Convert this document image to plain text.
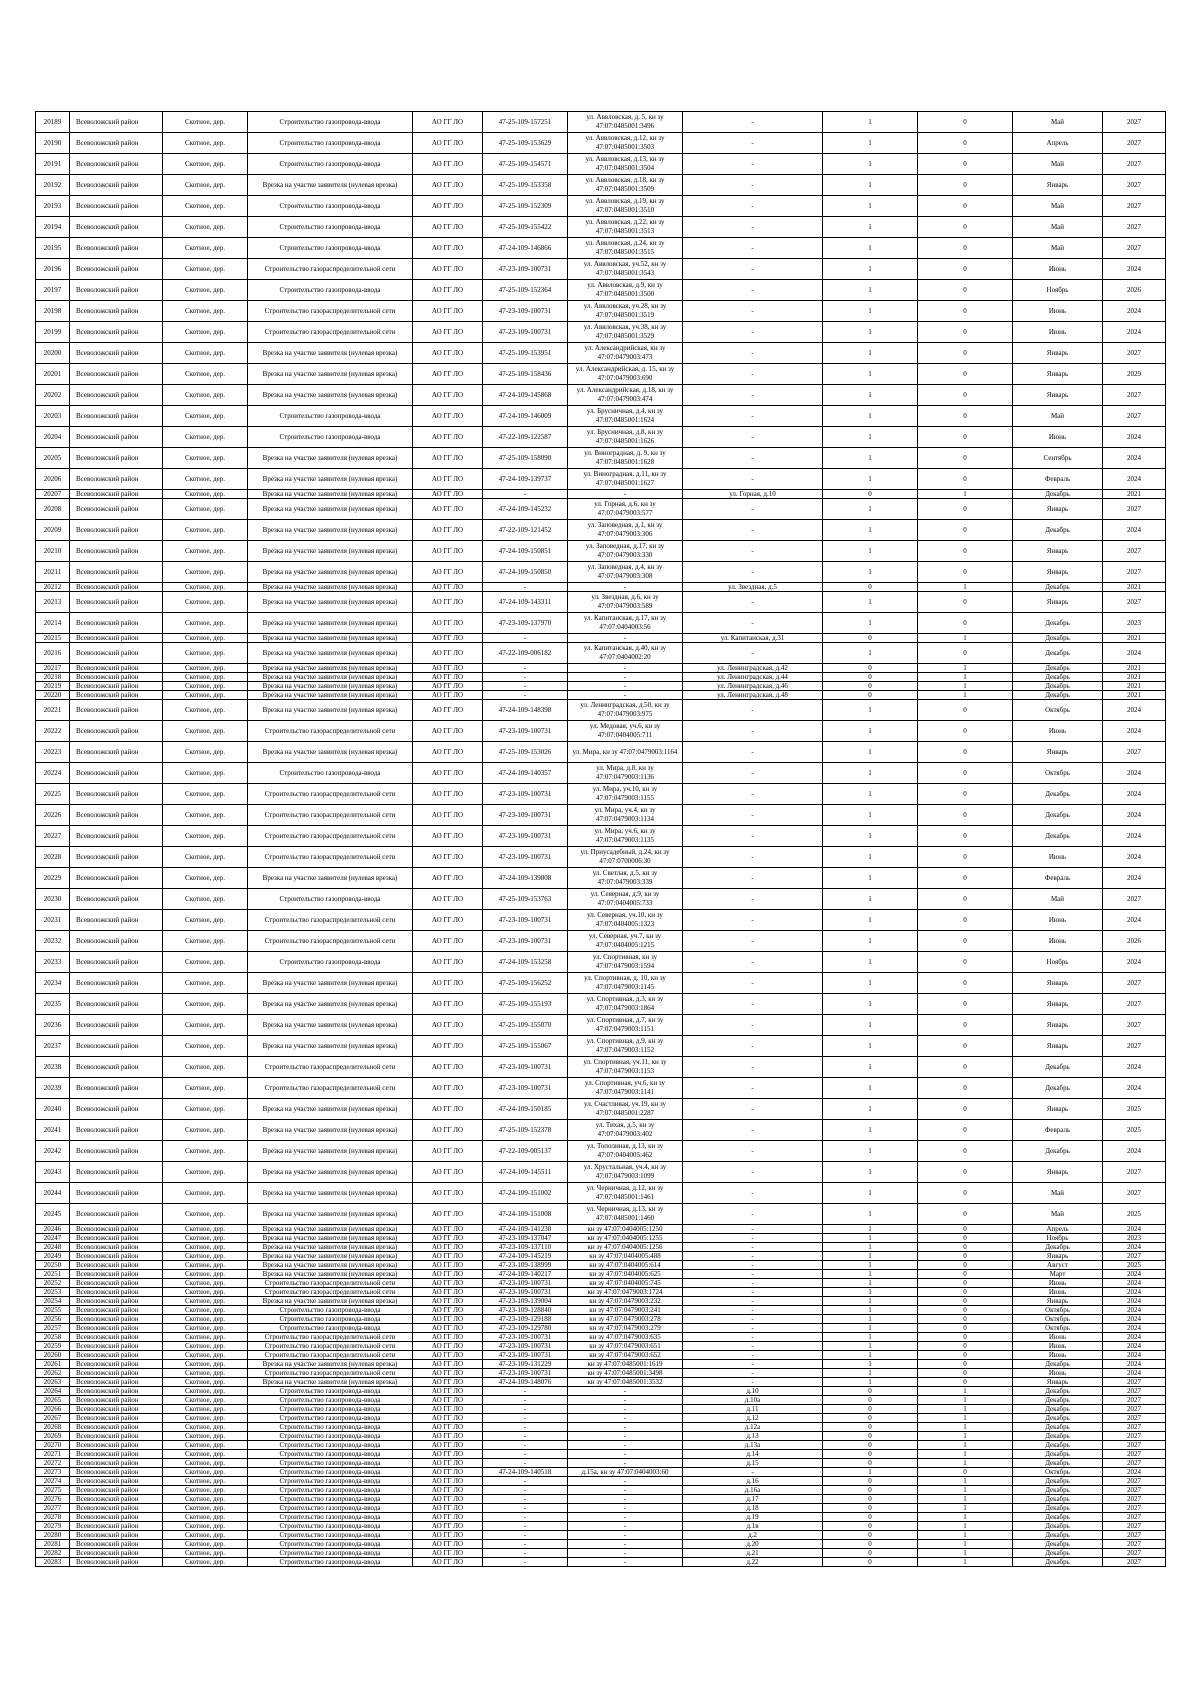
20189	Всеволожский район	Скотное, дер.	Строительство газопровода-ввода	АО ГГ ЛО	47-25-109-157251	ул. Аввловская, д. 5, кн зу 47:07:0485001:3496	-	1	0	Май	2027
20190	Всеволожский район	Скотное, дер.	Строительство газопровода-ввода	АО ГГ ЛО	47-25-109-153629	ул. Аввловская, д.12, кн зу 47:07:0485001:3503	-	1	0	Апрель	2027
20191	Всеволожский район	Скотное, дер.	Строительство газопровода-ввода	АО ГГ ЛО	47-25-109-154571	ул. Аввловская, д.13, кн зу 47:07:0485001:3504	-	1	0	Май	2027
20192	Всеволожский район	Скотное, дер.	Врезка на участке заявителя (нулевая врезка)	АО ГГ ЛО	47-25-109-153358	ул. Аввловская, д.18, кн зу 47:07:0485001:3509	-	1	0	Январь	2027
20193	Всеволожский район	Скотное, дер.	Строительство газопровода-ввода	АО ГГ ЛО	47-25-109-152309	ул. Аввловская, д.19, кн зу 47:07:0485001:3510	-	1	0	Май	2027
20194	Всеволожский район	Скотное, дер.	Строительство газопровода-ввода	АО ГГ ЛО	47-25-109-155422	ул. Аввловская, д.22, кн зу 47:07:0485001:3513	-	1	0	Май	2027
20195	Всеволожский район	Скотное, дер.	Строительство газопровода-ввода	АО ГГ ЛО	47-24-109-146866	ул. Аввловская, д.24, кн зу 47:07:0485001:3515	-	1	0	Май	2027
20196	Всеволожский район	Скотное, дер.	Строительство газораспределительной сети	АО ГГ ЛО	47-23-109-100731	ул. Аввловская, уч.52, кн зу 47:07:0485001:3543	-	1	0	Июнь	2024
20197	Всеволожский район	Скотное, дер.	Строительство газопровода-ввода	АО ГГ ЛО	47-25-109-152364	ул. Аввловская, д.9, кн зу 47:07:0485001:3500	-	1	0	Ноябрь	2026
20198	Всеволожский район	Скотное, дер.	Строительство газораспределительной сети	АО ГГ ЛО	47-23-109-100731	ул. Аввловская, уч.28, кн зу 47:07:0485001:3519	-	1	0	Июнь	2024
20199	Всеволожский район	Скотное, дер.	Строительство газораспределительной сети	АО ГГ ЛО	47-23-109-100731	ул. Аввловская, уч.38, кн зу 47:07:0485001:3529	-	1	0	Июнь	2024
20200	Всеволожский район	Скотное, дер.	Врезка на участке заявителя (нулевая врезка)	АО ГГ ЛО	47-25-109-153951	ул. Александрийская, кн зу 47:07:0479003:473	-	1	0	Январь	2027
20201	Всеволожский район	Скотное, дер.	Врезка на участке заявителя (нулевая врезка)	АО ГГ ЛО	47-25-109-158436	ул. Александрийская, д. 15, кн зу 47:07:0479003:690	-	1	0	Январь	2029
20202	Всеволожский район	Скотное, дер.	Врезка на участке заявителя (нулевая врезка)	АО ГГ ЛО	47-24-109-145868	ул. Александрийская, д.18, кн зу 47:07:0479003:474	-	1	0	Январь	2027
20203	Всеволожский район	Скотное, дер.	Строительство газопровода-ввода	АО ГГ ЛО	47-24-109-146009	ул. Брусничная, д.4, кн зу 47:07:0485001:1624	-	1	0	Май	2027
20204	Всеволожский район	Скотное, дер.	Строительство газопровода-ввода	АО ГГ ЛО	47-22-109-122587	ул. Брусничная, д.8, кн зу 47:07:0485001:1626	-	1	0	Июнь	2024
20205	Всеволожский район	Скотное, дер.	Врезка на участке заявителя (нулевая врезка)	АО ГГ ЛО	47-25-109-158090	ул. Виноградная, д. 9, кн зу 47:07:0485001:1628	-	1	0	Сентябрь	2024
20206	Всеволожский район	Скотное, дер.	Врезка на участке заявителя (нулевая врезка)	АО ГГ ЛО	47-24-109-139737	ул. Виноградная, д.11, кн зу 47:07:0485001:1627	-	1	0	Февраль	2024
20207	Всеволожский район	Скотное, дер.	Врезка на участке заявителя (нулевая врезка)	АО ГГ ЛО	-	-	ул. Горная, д.10	0	1	Декабрь	2021
20208	Всеволожский район	Скотное, дер.	Врезка на участке заявителя (нулевая врезка)	АО ГГ ЛО	47-24-109-145232	ул. Горная, д.6, кн зу 47:07:0479003:577	-	1	0	Январь	2027
20209	Всеволожский район	Скотное, дер.	Врезка на участке заявителя (нулевая врезка)	АО ГГ ЛО	47-22-109-121452	ул. Заповедная, д.1, кн зу 47:07:0479003:306	-	1	0	Декабрь	2024
20210	Всеволожский район	Скотное, дер.	Врезка на участке заявителя (нулевая врезка)	АО ГГ ЛО	47-24-109-150851	ул. Заповедная, д.17, кн зу 47:07:0479003:330	-	1	0	Январь	2027
20211	Всеволожский район	Скотное, дер.	Врезка на участке заявителя (нулевая врезка)	АО ГГ ЛО	47-24-109-150850	ул. Заповедная, д.4, кн зу 47:07:0479003:308	-	1	0	Январь	2027
20212	Всеволожский район	Скотное, дер.	Врезка на участке заявителя (нулевая врезка)	АО ГГ ЛО	-	-	ул. Звездная, д.5	0	1	Декабрь	2021
20213	Всеволожский район	Скотное, дер.	Врезка на участке заявителя (нулевая врезка)	АО ГГ ЛО	47-24-109-143311	ул. Звездная, д.6, кн зу 47:07:0479003:589	-	1	0	Январь	2027
20214	Всеволожский район	Скотное, дер.	Врезка на участке заявителя (нулевая врезка)	АО ГГ ЛО	47-23-109-137970	ул. Капитанская, д.17, кн зу 47:07:0404003:56	-	1	0	Декабрь	2023
20215	Всеволожский район	Скотное, дер.	Врезка на участке заявителя (нулевая врезка)	АО ГГ ЛО	-	-	ул. Капитанская, д.31	0	1	Декабрь	2021
20216	Всеволожский район	Скотное, дер.	Врезка на участке заявителя (нулевая врезка)	АО ГГ ЛО	47-22-109-006182	ул. Капитанская, д.40, кн зу 47:07:0404002:20	-	1	0	Декабрь	2024
20217	Всеволожский район	Скотное, дер.	Врезка на участке заявителя (нулевая врезка)	АО ГГ ЛО	-	-	ул. Ленинградская, д.42	0	1	Декабрь	2021
20218	Всеволожский район	Скотное, дер.	Врезка на участке заявителя (нулевая врезка)	АО ГГ ЛО	-	-	ул. Ленинградская, д.44	0	1	Декабрь	2021
20219	Всеволожский район	Скотное, дер.	Врезка на участке заявителя (нулевая врезка)	АО ГГ ЛО	-	-	ул. Ленинградская, д.46	0	1	Декабрь	2021
20220	Всеволожский район	Скотное, дер.	Врезка на участке заявителя (нулевая врезка)	АО ГГ ЛО	-	-	ул. Ленинградская, д.48	0	1	Декабрь	2021
20221	Всеволожский район	Скотное, дер.	Врезка на участке заявителя (нулевая врезка)	АО ГГ ЛО	47-24-109-148398	ул. Ленинградская, д.50, кн зу 47:07:0479003:975	-	1	0	Октябрь	2024
20222	Всеволожский район	Скотное, дер.	Строительство газораспределительной сети	АО ГГ ЛО	47-23-109-100731	ул. Медовая, уч.6, кн зу 47:07:0404005:711	-	1	0	Июнь	2024
20223	Всеволожский район	Скотное, дер.	Врезка на участке заявителя (нулевая врезка)	АО ГГ ЛО	47-25-109-153026	ул. Мира, кн зу 47:07:0479003:1164	-	1	0	Январь	2027
20224	Всеволожский район	Скотное, дер.	Строительство газопровода-ввода	АО ГГ ЛО	47-24-109-140357	ул. Мира, д.8, кн зу 47:07:0479003:1136	-	1	0	Октябрь	2024
20225	Всеволожский район	Скотное, дер.	Строительство газораспределительной сети	АО ГГ ЛО	47-23-109-100731	ул. Мира, уч.10, кн зу 47:07:0479003:1155	-	1	0	Декабрь	2024
20226	Всеволожский район	Скотное, дер.	Строительство газораспределительной сети	АО ГГ ЛО	47-23-109-100731	ул. Мира, уч.4, кн зу 47:07:0479003:1134	-	1	0	Декабрь	2024
20227	Всеволожский район	Скотное, дер.	Строительство газораспределительной сети	АО ГГ ЛО	47-23-109-100731	ул. Мира, уч.6, кн зу 47:07:0479003:1135	-	1	0	Декабрь	2024
20228	Всеволожский район	Скотное, дер.	Строительство газораспределительной сети	АО ГГ ЛО	47-23-109-100731	ул. Приусадебный, д.24, кн зу 47:07:0700006:30	-	1	0	Июнь	2024
20229	Всеволожский район	Скотное, дер.	Врезка на участке заявителя (нулевая врезка)	АО ГГ ЛО	47-24-109-139808	ул. Светлая, д.5, кн зу 47:07:0479003:339	-	1	0	Февраль	2024
20230	Всеволожский район	Скотное, дер.	Строительство газопровода-ввода	АО ГГ ЛО	47-25-109-153763	ул. Северная, д.9, кн зу 47:07:0404005:733	-	1	0	Май	2027
20231	Всеволожский район	Скотное, дер.	Строительство газораспределительной сети	АО ГГ ЛО	47-23-109-100731	ул. Северная, уч.10, кн зу 47:07:0404005:1323	-	1	0	Июнь	2024
20232	Всеволожский район	Скотное, дер.	Строительство газораспределительной сети	АО ГГ ЛО	47-23-109-100731	ул. Северная, уч.7, кн зу 47:07:0404005:1215	-	1	0	Июнь	2026
20233	Всеволожский район	Скотное, дер.	Строительство газопровода-ввода	АО ГГ ЛО	47-24-109-153258	ул. Спортивная, кн зу 47:07:0479003:1594	-	1	0	Ноябрь	2024
20234	Всеволожский район	Скотное, дер.	Врезка на участке заявителя (нулевая врезка)	АО ГГ ЛО	47-25-109-156252	ул. Спортивная, д. 10, кн зу 47:07:0479003:1145	-	1	0	Январь	2027
20235	Всеволожский район	Скотное, дер.	Врезка на участке заявителя (нулевая врезка)	АО ГГ ЛО	47-25-109-155193	ул. Спортивная, д.3, кн зу 47:07:0479003:1864	-	1	0	Январь	2027
20236	Всеволожский район	Скотное, дер.	Врезка на участке заявителя (нулевая врезка)	АО ГГ ЛО	47-25-109-155070	ул. Спортивная, д.7, кн зу 47:07:0479003:1151	-	1	0	Январь	2027
20237	Всеволожский район	Скотное, дер.	Врезка на участке заявителя (нулевая врезка)	АО ГГ ЛО	47-25-109-155067	ул. Спортивная, д.9, кн зу 47:07:0479003:1152	-	1	0	Январь	2027
20238	Всеволожский район	Скотное, дер.	Строительство газораспределительной сети	АО ГГ ЛО	47-23-109-100731	ул. Спортивная, уч.11, кн зу 47:07:0479003:1153	-	1	0	Декабрь	2024
20239	Всеволожский район	Скотное, дер.	Строительство газораспределительной сети	АО ГГ ЛО	47-23-109-100731	ул. Спортивная, уч.6, кн зу 47:07:0479003:1141	-	1	0	Декабрь	2024
20240	Всеволожский район	Скотное, дер.	Врезка на участке заявителя (нулевая врезка)	АО ГГ ЛО	47-24-109-150185	ул. Счастливая, уч.19, кн зу 47:07:0485001:2287	-	1	0	Январь	2025
20241	Всеволожский район	Скотное, дер.	Врезка на участке заявителя (нулевая врезка)	АО ГГ ЛО	47-25-109-152378	ул. Тихая, д.5, кн зу 47:07:0479003:402	-	1	0	Февраль	2025
20242	Всеволожский район	Скотное, дер.	Врезка на участке заявителя (нулевая врезка)	АО ГГ ЛО	47-22-109-005137	ул. Тополиная, д.13, кн зу 47:07:0404005:462	-	1	0	Декабрь	2024
20243	Всеволожский район	Скотное, дер.	Врезка на участке заявителя (нулевая врезка)	АО ГГ ЛО	47-24-109-145511	ул. Хрустальная, уч.4, кн зу 47:07:0479003:1099	-	1	0	Январь	2027
20244	Всеволожский район	Скотное, дер.	Врезка на участке заявителя (нулевая врезка)	АО ГГ ЛО	47-24-109-151002	ул. Черничная, д.12, кн зу 47:07:0485001:1461	-	1	0	Май	2027
20245	Всеволожский район	Скотное, дер.	Врезка на участке заявителя (нулевая врезка)	АО ГГ ЛО	47-24-109-151008	ул. Черничная, д.13, кн зу 47:07:0485001:1460	-	1	0	Май	2025
20246	Всеволожский район	Скотное, дер.	Врезка на участке заявителя (нулевая врезка)	АО ГГ ЛО	47-24-109-141238	кн зу 47:07:0404005:1250	-	1	0	Апрель	2024
20247	Всеволожский район	Скотное, дер.	Врезка на участке заявителя (нулевая врезка)	АО ГГ ЛО	47-23-109-137047	кн зу 47:07:0404005:1255	-	1	0	Ноябрь	2023
20248	Всеволожский район	Скотное, дер.	Врезка на участке заявителя (нулевая врезка)	АО ГГ ЛО	47-23-109-137110	кн зу 47:07:0404005:1256	-	1	0	Декабрь	2024
20249	Всеволожский район	Скотное, дер.	Врезка на участке заявителя (нулевая врезка)	АО ГГ ЛО	47-24-109-145219	кн зу 47:07:0404005:488	-	1	0	Январь	2027
20250	Всеволожский район	Скотное, дер.	Врезка на участке заявителя (нулевая врезка)	АО ГГ ЛО	47-23-109-138999	кн зу 47:07:0404005:614	-	1	0	Август	2025
20251	Всеволожский район	Скотное, дер.	Врезка на участке заявителя (нулевая врезка)	АО ГГ ЛО	47-24-109-140217	кн зу 47:07:0404005:625	-	1	0	Март	2024
20252	Всеволожский район	Скотное, дер.	Строительство газораспределительной сети	АО ГГ ЛО	47-23-109-100731	кн зу 47:07:0404005:745	-	1	0	Июнь	2024
20253	Всеволожский район	Скотное, дер.	Строительство газораспределительной сети	АО ГГ ЛО	47-23-109-100731	кн зу 47:07:0479003:1724	-	1	0	Июнь	2024
20254	Всеволожский район	Скотное, дер.	Врезка на участке заявителя (нулевая врезка)	АО ГГ ЛО	47-23-109-139004	кн зу 47:07:0479003:232	-	1	0	Январь	2024
20255	Всеволожский район	Скотное, дер.	Строительство газопровода-ввода	АО ГГ ЛО	47-23-109-128840	кн зу 47:07:0479003:241	-	1	0	Октябрь	2024
20256	Всеволожский район	Скотное, дер.	Строительство газопровода-ввода	АО ГГ ЛО	47-23-109-129188	кн зу 47:07:0479003:278	-	1	0	Октябрь	2024
20257	Всеволожский район	Скотное, дер.	Строительство газопровода-ввода	АО ГГ ЛО	47-23-109-129780	кн зу 47:07:0479003:279	-	1	0	Октябрь	2024
20258	Всеволожский район	Скотное, дер.	Строительство газораспределительной сети	АО ГГ ЛО	47-23-109-100731	кн зу 47:07:0479003:635	-	1	0	Июнь	2024
20259	Всеволожский район	Скотное, дер.	Строительство газораспределительной сети	АО ГГ ЛО	47-23-109-100731	кн зу 47:07:0479003:651	-	1	0	Июнь	2024
20260	Всеволожский район	Скотное, дер.	Строительство газораспределительной сети	АО ГГ ЛО	47-23-109-100731	кн зу 47:07:0479003:652	-	1	0	Июнь	2024
20261	Всеволожский район	Скотное, дер.	Врезка на участке заявителя (нулевая врезка)	АО ГГ ЛО	47-23-109-131229	кн зу 47:07:0485001:1619	-	1	0	Декабрь	2024
20262	Всеволожский район	Скотное, дер.	Строительство газораспределительной сети	АО ГГ ЛО	47-23-109-100731	кн зу 47:07:0485001:3498	-	1	0	Июнь	2024
20263	Всеволожский район	Скотное, дер.	Врезка на участке заявителя (нулевая врезка)	АО ГГ ЛО	47-24-109-148076	кн зу 47:07:0485001:3532	-	1	0	Январь	2027
20264	Всеволожский район	Скотное, дер.	Строительство газопровода-ввода	АО ГГ ЛО	-	-	д.10	0	1	Декабрь	2027
20265	Всеволожский район	Скотное, дер.	Строительство газопровода-ввода	АО ГГ ЛО	-	-	д.10а	0	1	Декабрь	2027
20266	Всеволожский район	Скотное, дер.	Строительство газопровода-ввода	АО ГГ ЛО	-	-	д.11	0	1	Декабрь	2027
20267	Всеволожский район	Скотное, дер.	Строительство газопровода-ввода	АО ГГ ЛО	-	-	д.12	0	1	Декабрь	2027
20268	Всеволожский район	Скотное, дер.	Строительство газопровода-ввода	АО ГГ ЛО	-	-	д.12а	0	1	Декабрь	2027
20269	Всеволожский район	Скотное, дер.	Строительство газопровода-ввода	АО ГГ ЛО	-	-	д.13	0	1	Декабрь	2027
20270	Всеволожский район	Скотное, дер.	Строительство газопровода-ввода	АО ГГ ЛО	-	-	д.13а	0	1	Декабрь	2027
20271	Всеволожский район	Скотное, дер.	Строительство газопровода-ввода	АО ГГ ЛО	-	-	д.14	0	1	Декабрь	2027
20272	Всеволожский район	Скотное, дер.	Строительство газопровода-ввода	АО ГГ ЛО	-	-	д.15	0	1	Декабрь	2027
20273	Всеволожский район	Скотное, дер.	Строительство газопровода-ввода	АО ГГ ЛО	47-24-109-140518	д.15а, кн зу 47:07:0404003:60	-	1	0	Октябрь	2024
20274	Всеволожский район	Скотное, дер.	Строительство газопровода-ввода	АО ГГ ЛО	-	-	д.16	0	1	Декабрь	2027
20275	Всеволожский район	Скотное, дер.	Строительство газопровода-ввода	АО ГГ ЛО	-	-	д.16а	0	1	Декабрь	2027
20276	Всеволожский район	Скотное, дер.	Строительство газопровода-ввода	АО ГГ ЛО	-	-	д.17	0	1	Декабрь	2027
20277	Всеволожский район	Скотное, дер.	Строительство газопровода-ввода	АО ГГ ЛО	-	-	д.18	0	1	Декабрь	2027
20278	Всеволожский район	Скотное, дер.	Строительство газопровода-ввода	АО ГГ ЛО	-	-	д.19	0	1	Декабрь	2027
20279	Всеволожский район	Скотное, дер.	Строительство газопровода-ввода	АО ГГ ЛО	-	-	д.1в	0	1	Декабрь	2027
20280	Всеволожский район	Скотное, дер.	Строительство газопровода-ввода	АО ГГ ЛО	-	-	д.2	0	1	Декабрь	2027
20281	Всеволожский район	Скотное, дер.	Строительство газопровода-ввода	АО ГГ ЛО	-	-	д.20	0	1	Декабрь	2027
20282	Всеволожский район	Скотное, дер.	Строительство газопровода-ввода	АО ГГ ЛО	-	-	д.21	0	1	Декабрь	2027
20283	Всеволожский район	Скотное, дер.	Строительство газопровода-ввода	АО ГГ ЛО	-	-	д.22	0	1	Декабрь	2027
